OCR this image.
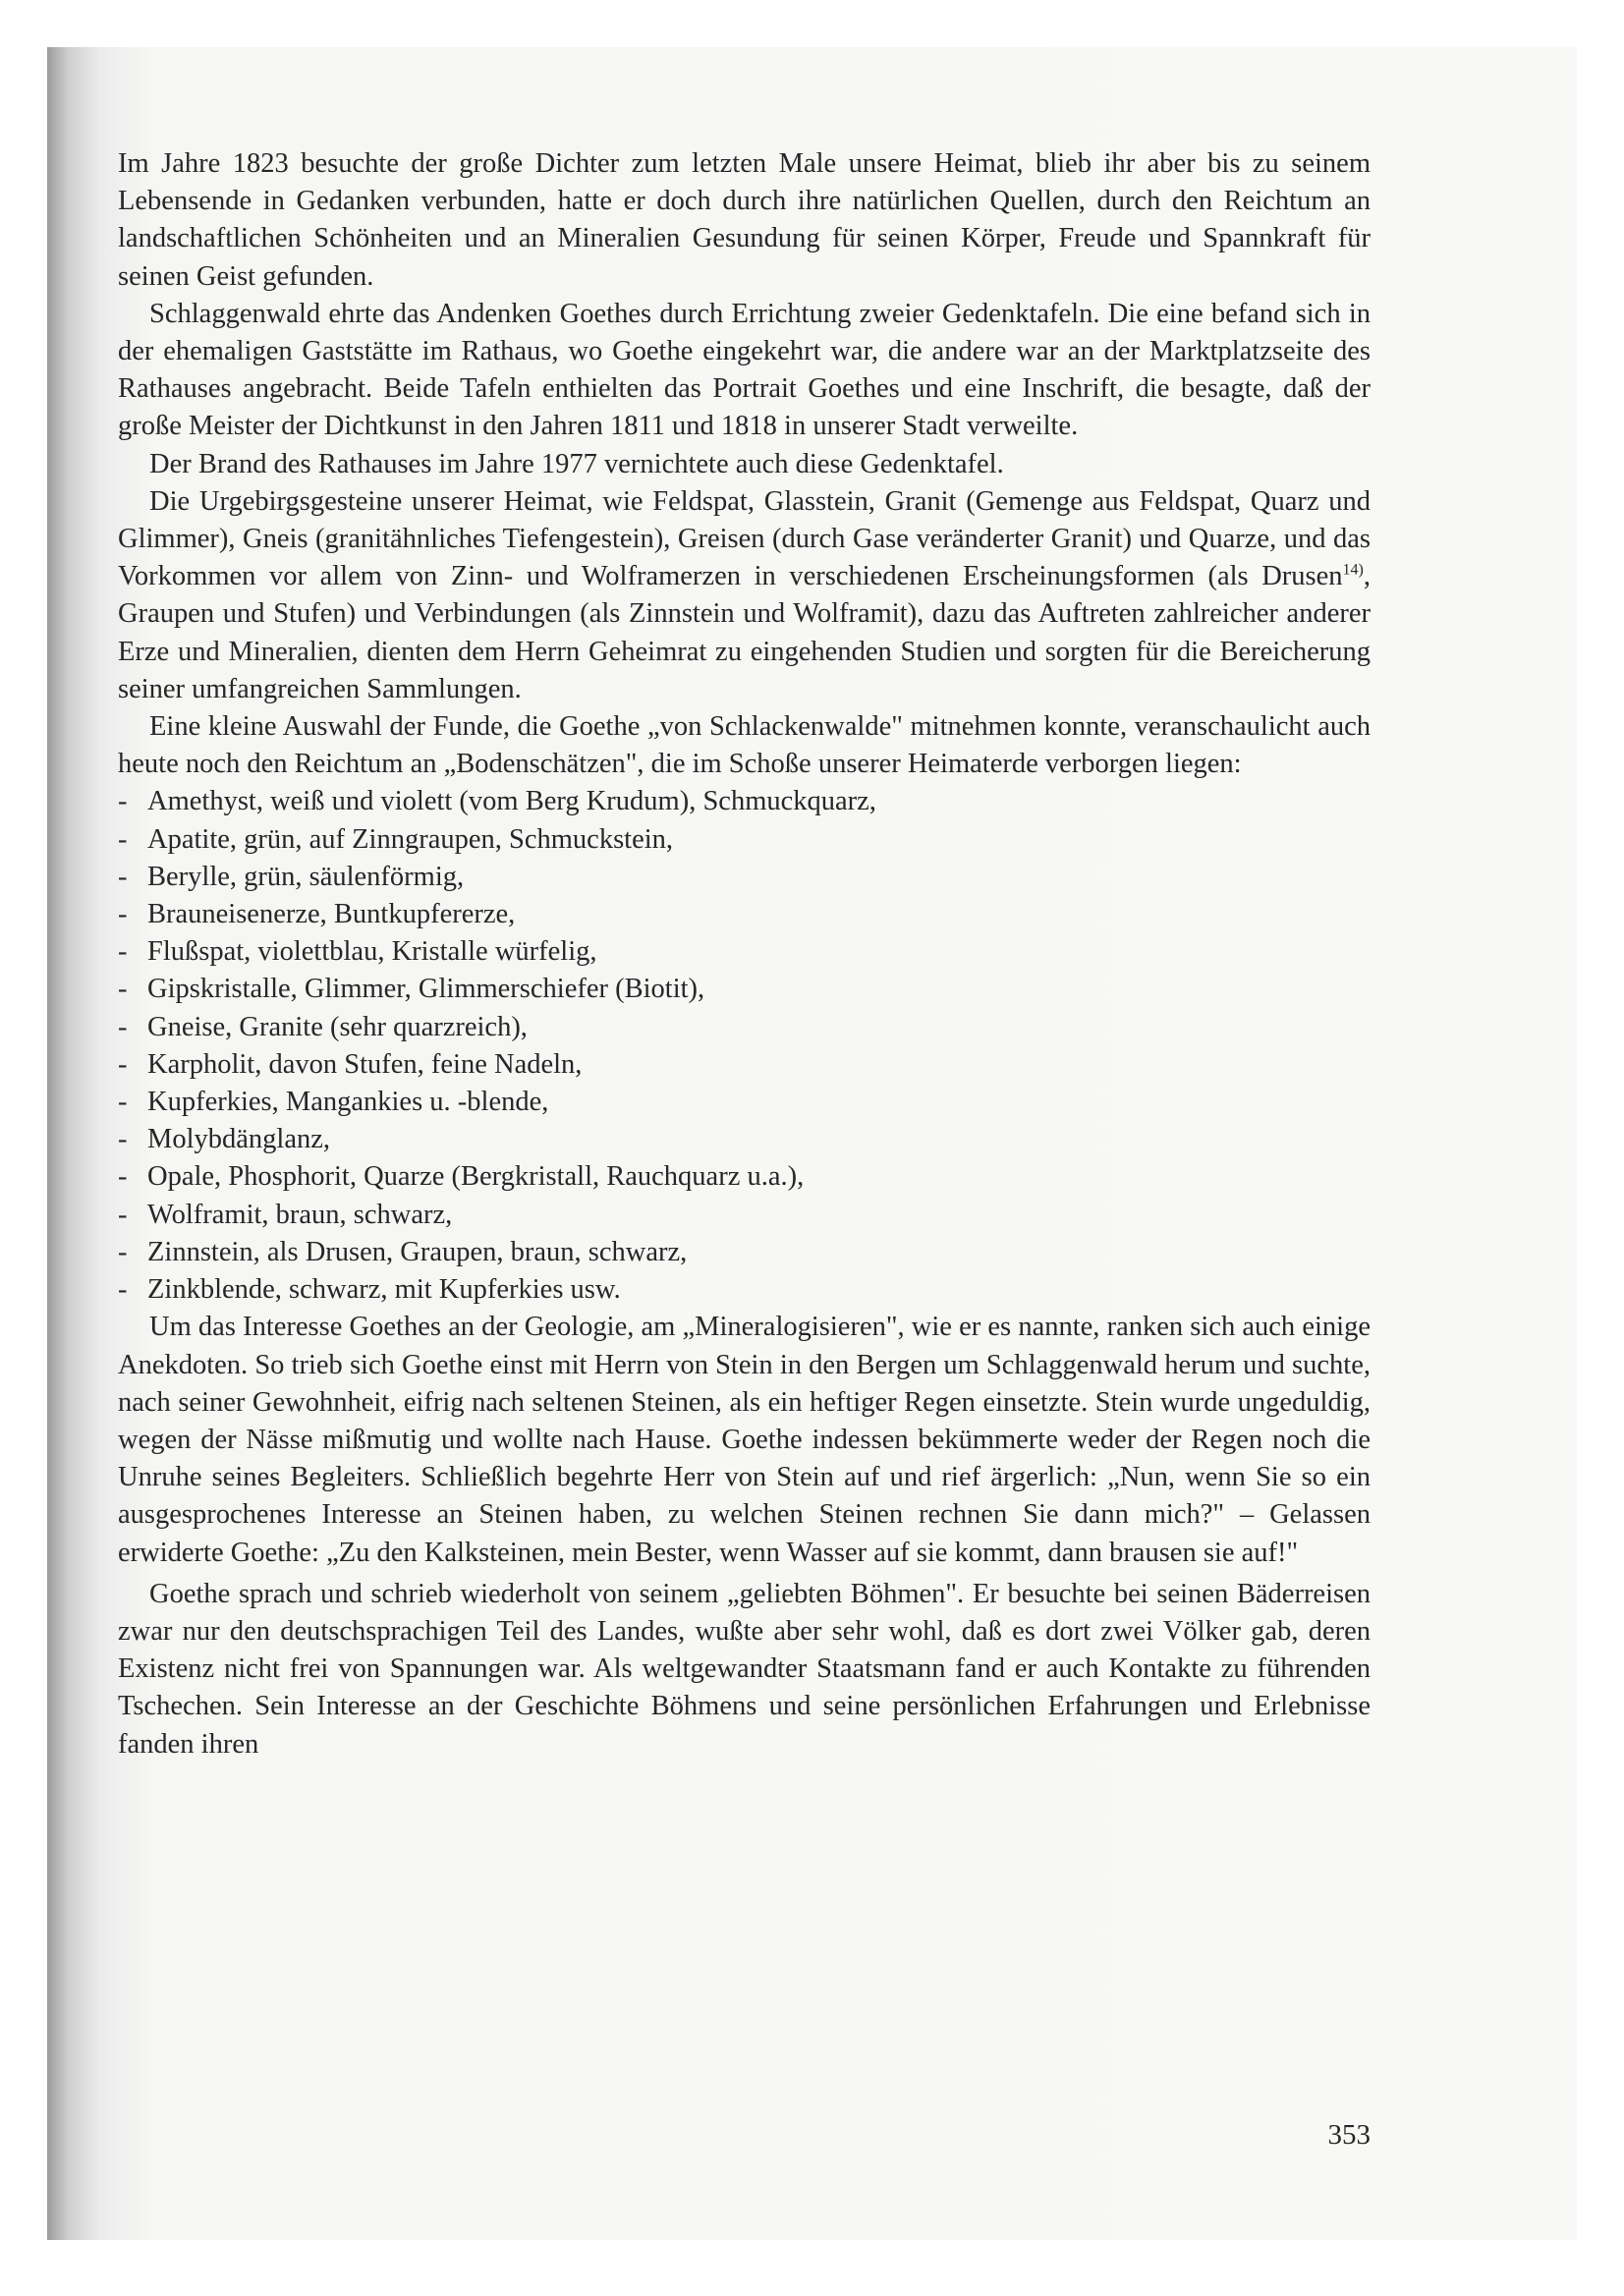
Im Jahre 1823 besuchte der große Dichter zum letzten Male unsere Heimat, blieb ihr aber bis zu seinem Lebensende in Gedanken verbunden, hatte er doch durch ihre natürlichen Quellen, durch den Reichtum an landschaftlichen Schönheiten und an Mineralien Gesundung für seinen Körper, Freude und Spannkraft für seinen Geist gefunden.

Schlaggenwald ehrte das Andenken Goethes durch Errichtung zweier Gedenktafeln. Die eine befand sich in der ehemaligen Gaststätte im Rathaus, wo Goethe eingekehrt war, die andere war an der Marktplatzseite des Rathauses angebracht. Beide Tafeln enthielten das Portrait Goethes und eine Inschrift, die besagte, daß der große Meister der Dichtkunst in den Jahren 1811 und 1818 in unserer Stadt verweilte.

Der Brand des Rathauses im Jahre 1977 vernichtete auch diese Gedenktafel.

Die Urgebirgsgesteine unserer Heimat, wie Feldspat, Glasstein, Granit (Gemenge aus Feldspat, Quarz und Glimmer), Gneis (granitähnliches Tiefengestein), Greisen (durch Gase veränderter Granit) und Quarze, und das Vorkommen vor allem von Zinn- und Wolframerzen in verschiedenen Erscheinungsformen (als Drusen$^{14)}$, Graupen und Stufen) und Verbindungen (als Zinnstein und Wolframit), dazu das Auftreten zahlreicher anderer Erze und Mineralien, dienten dem Herrn Geheimrat zu eingehenden Studien und sorgten für die Bereicherung seiner umfangreichen Sammlungen.

Eine kleine Auswahl der Funde, die Goethe „von Schlackenwalde" mitnehmen konnte, veranschaulicht auch heute noch den Reichtum an „Bodenschätzen", die im Schoße unserer Heimaterde verborgen liegen:

- Amethyst, weiß und violett (vom Berg Krudum), Schmuckquarz,
- Apatite, grün, auf Zinngraupen, Schmuckstein,
- Berylle, grün, säulenförmig,
- Brauneisenerze, Buntkupfererze,
- Flußspat, violettblau, Kristalle würfelig,
- Gipskristalle, Glimmer, Glimmerschiefer (Biotit),
- Gneise, Granite (sehr quarzreich),
- Karpholit, davon Stufen, feine Nadeln,
- Kupferkies, Mangankies u. -blende,
- Molybdänglanz,
- Opale, Phosphorit, Quarze (Bergkristall, Rauchquarz u.a.),
- Wolframit, braun, schwarz,
- Zinnstein, als Drusen, Graupen, braun, schwarz,
- Zinkblende, schwarz, mit Kupferkies usw.

Um das Interesse Goethes an der Geologie, am „Mineralogisieren", wie er es nannte, ranken sich auch einige Anekdoten. So trieb sich Goethe einst mit Herrn von Stein in den Bergen um Schlaggenwald herum und suchte, nach seiner Gewohnheit, eifrig nach seltenen Steinen, als ein heftiger Regen einsetzte. Stein wurde ungeduldig, wegen der Nässe mißmutig und wollte nach Hause. Goethe indessen bekümmerte weder der Regen noch die Unruhe seines Begleiters. Schließlich begehrte Herr von Stein auf und rief ärgerlich: „Nun, wenn Sie so ein ausgesprochenes Interesse an Steinen haben, zu welchen Steinen rechnen Sie dann mich?" – Gelassen erwiderte Goethe: „Zu den Kalksteinen, mein Bester, wenn Wasser auf sie kommt, dann brausen sie auf!"

Goethe sprach und schrieb wiederholt von seinem „geliebten Böhmen". Er besuchte bei seinen Bäderreisen zwar nur den deutschsprachigen Teil des Landes, wußte aber sehr wohl, daß es dort zwei Völker gab, deren Existenz nicht frei von Spannungen war. Als weltgewandter Staatsmann fand er auch Kontakte zu führenden Tschechen. Sein Interesse an der Geschichte Böhmens und seine persönlichen Erfahrungen und Erlebnisse fanden ihren

353
